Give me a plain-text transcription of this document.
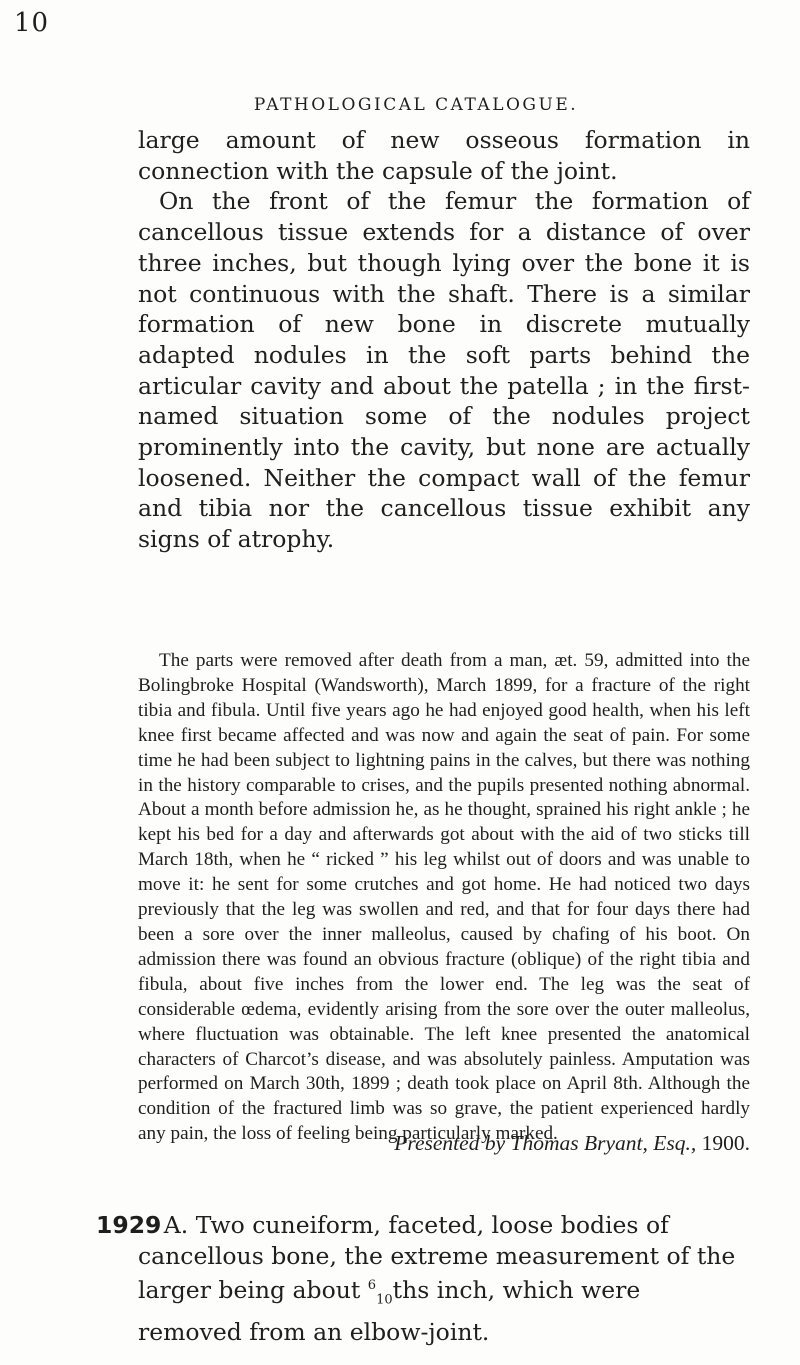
10
PATHOLOGICAL CATALOGUE.

large amount of new osseous formation in connection with the capsule of the joint.

On the front of the femur the formation of cancellous tissue extends for a distance of over three inches, but though lying over the bone it is not continuous with the shaft. There is a similar formation of new bone in discrete mutually adapted nodules in the soft parts behind the articular cavity and about the patella ; in the first-named situation some of the nodules project prominently into the cavity, but none are actually loosened. Neither the compact wall of the femur and tibia nor the cancellous tissue exhibit any signs of atrophy.

The parts were removed after death from a man, æt. 59, admitted into the Bolingbroke Hospital (Wandsworth), March 1899, for a fracture of the right tibia and fibula. Until five years ago he had enjoyed good health, when his left knee first became affected and was now and again the seat of pain. For some time he had been subject to lightning pains in the calves, but there was nothing in the history comparable to crises, and the pupils presented nothing abnormal. About a month before admission he, as he thought, sprained his right ankle ; he kept his bed for a day and afterwards got about with the aid of two sticks till March 18th, when he “ ricked ” his leg whilst out of doors and was unable to move it: he sent for some crutches and got home. He had noticed two days previously that the leg was swollen and red, and that for four days there had been a sore over the inner malleolus, caused by chafing of his boot. On admission there was found an obvious fracture (oblique) of the right tibia and fibula, about five inches from the lower end. The leg was the seat of considerable œdema, evidently arising from the sore over the outer malleolus, where fluctuation was obtainable. The left knee presented the anatomical characters of Charcot’s disease, and was absolutely painless. Amputation was performed on March 30th, 1899 ; death took place on April 8th. Although the condition of the fractured limb was so grave, the patient experienced hardly any pain, the loss of feeling being particularly marked.

Presented by Thomas Bryant, Esq., 1900.

1929 A. Two cuneiform, faceted, loose bodies of cancellous bone, the extreme measurement of the larger being about $^6_{10}$ths inch, which were removed from an elbow-joint.
